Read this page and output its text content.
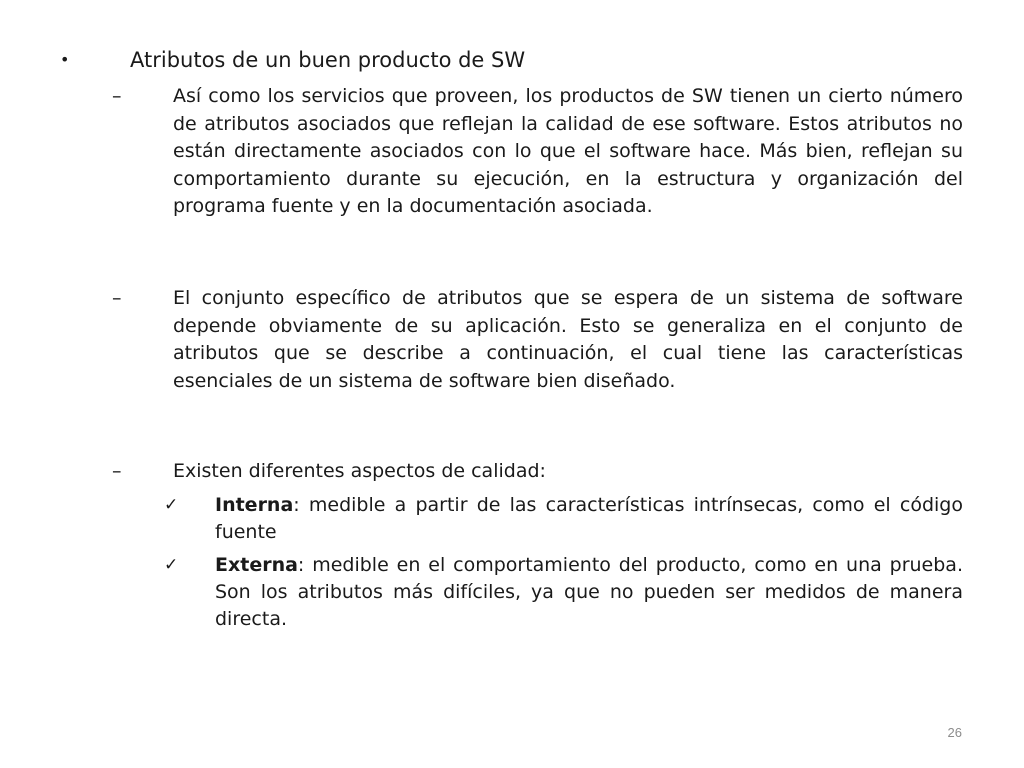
•	Atributos de un buen producto de SW
–	Así como los servicios que proveen, los productos de SW tienen un cierto número de atributos asociados que reflejan la calidad de ese software. Estos atributos no están directamente asociados con lo que el software hace. Más bien, reflejan su comportamiento durante su ejecución, en la estructura y organización del programa fuente y en la documentación asociada.
–	El conjunto específico de atributos que se espera de un sistema de software depende obviamente de su aplicación. Esto se generaliza en el conjunto de atributos que se describe a continuación, el cual tiene las características esenciales de un sistema de software bien diseñado.
–	Existen diferentes aspectos de calidad:
✓ Interna: medible a partir de las características intrínsecas, como el código fuente
✓ Externa: medible en el comportamiento del producto, como en una prueba. Son los atributos más difíciles, ya que no pueden ser medidos de manera directa.
26
